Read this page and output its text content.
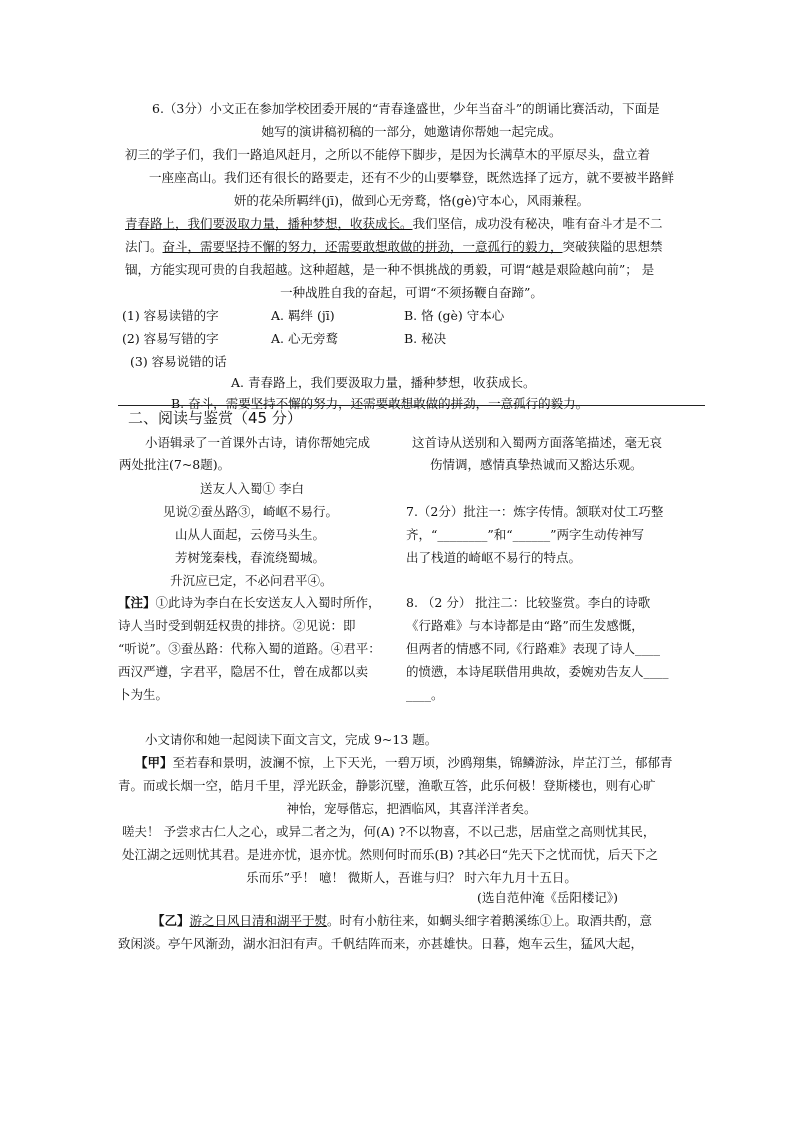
6.（3分）小文正在参加学校团委开展的“青春逢盛世，少年当奋斗”的朗诵比赛活动，下面是
她写的演讲稿初稿的一部分，她邀请你帮她一起完成。
初三的学子们，我们一路追风赶月，之所以不能停下脚步，是因为长满草木的平原尽头，盘立着
一座座高山。我们还有很长的路要走，还有不少的山要攀登，既然选择了远方，就不要被半路鲜
妍的花朵所羁绊(jī)，做到心无旁鹜，恪(gè)守本心，风雨兼程。
青春路上，我们要汲取力量，播种梦想，收获成长。我们坚信，成功没有秘决，唯有奋斗才是不二
法门。奋斗，需要坚持不懈的努力，还需要敢想敢做的拼劲，一意孤行的毅力，突破狭隘的思想禁
锢，方能实现可贵的自我超越。这种超越，是一种不惧挑战的勇毅，可谓“越是艰险越向前”； 是
一种战胜自我的奋起，可谓“不须扬鞭自奋蹄”。
(1) 容易读错的字	A. 羁绊 (jī)	B. 恪 (gè) 守本心
(2) 容易写错的字	A. 心无旁鹜	B. 秘决
(3) 容易说错的话
A. 青春路上，我们要汲取力量，播种梦想，收获成长。
B. 奋斗，需要坚持不懈的努力，还需要敢想敢做的拼劲，一意孤行的毅力。
二、阅读与鉴赏（45 分）
小语辑录了一首课外古诗，请你帮她完成
两处批注(7~8题)。
送友人入蜀① 李白
见说②蚕丛路③，崎岖不易行。
山从人面起，云傍马头生。
芳树笼秦栈，春流绕蜀城。
升沉应已定，不必问君平④。
【注】①此诗为李白在长安送友人入蜀时所作，
诗人当时受到朝廷权贵的排挤。②见说：即
“听说”。③蚕丛路：代称入蜀的道路。④君平：
西汉严遵，字君平，隐居不仕，曾在成都以卖
卜为生。
这首诗从送别和入蜀两方面落笔描述，毫无哀
伤情调，感情真挚热诚而又豁达乐观。
7.（2分）批注一：炼字传情。颔联对仗工巧整
齐，“________”和“______”两字生动传神写
出了栈道的崎岖不易行的特点。
8. （2 分） 批注二：比较鉴赏。李白的诗歌
《行路难》与本诗都是由“路”而生发感慨，
但两者的情感不同,《行路难》表现了诗人____
的愤懑，本诗尾联借用典故，委婉劝告友人____
____。
小文请你和她一起阅读下面文言文，完成 9~13 题。
【甲】至若春和景明，波澜不惊，上下天光，一碧万顷，沙鸥翔集，锦鳞游泳，岸芷汀兰，郁郁青
青。而或长烟一空，皓月千里，浮光跃金，静影沉璧，渔歌互答，此乐何极！登斯楼也，则有心旷
神怡，宠辱偕忘，把酒临风，其喜洋洋者矣。
嗟夫！ 予尝求古仁人之心，或异二者之为，何(A) ?不以物喜，不以己悲，居庙堂之高则忧其民，
处江湖之远则忧其君。是进亦忧，退亦忧。然则何时而乐(B) ?其必曰“先天下之忧而忧，后天下之
乐而乐”乎！ 噫！ 微斯人，吾谁与归？ 时六年九月十五日。
(选自范仲淹《岳阳楼记》)
【乙】游之日风日清和湖平于熨。时有小舫往来，如蜩头细字着鹅溪练①上。取酒共酌，意
致闲淡。亭午风渐劲，湖水汩汩有声。千帆结阵而来，亦甚雄快。日暮，炮车云生，猛风大起，
